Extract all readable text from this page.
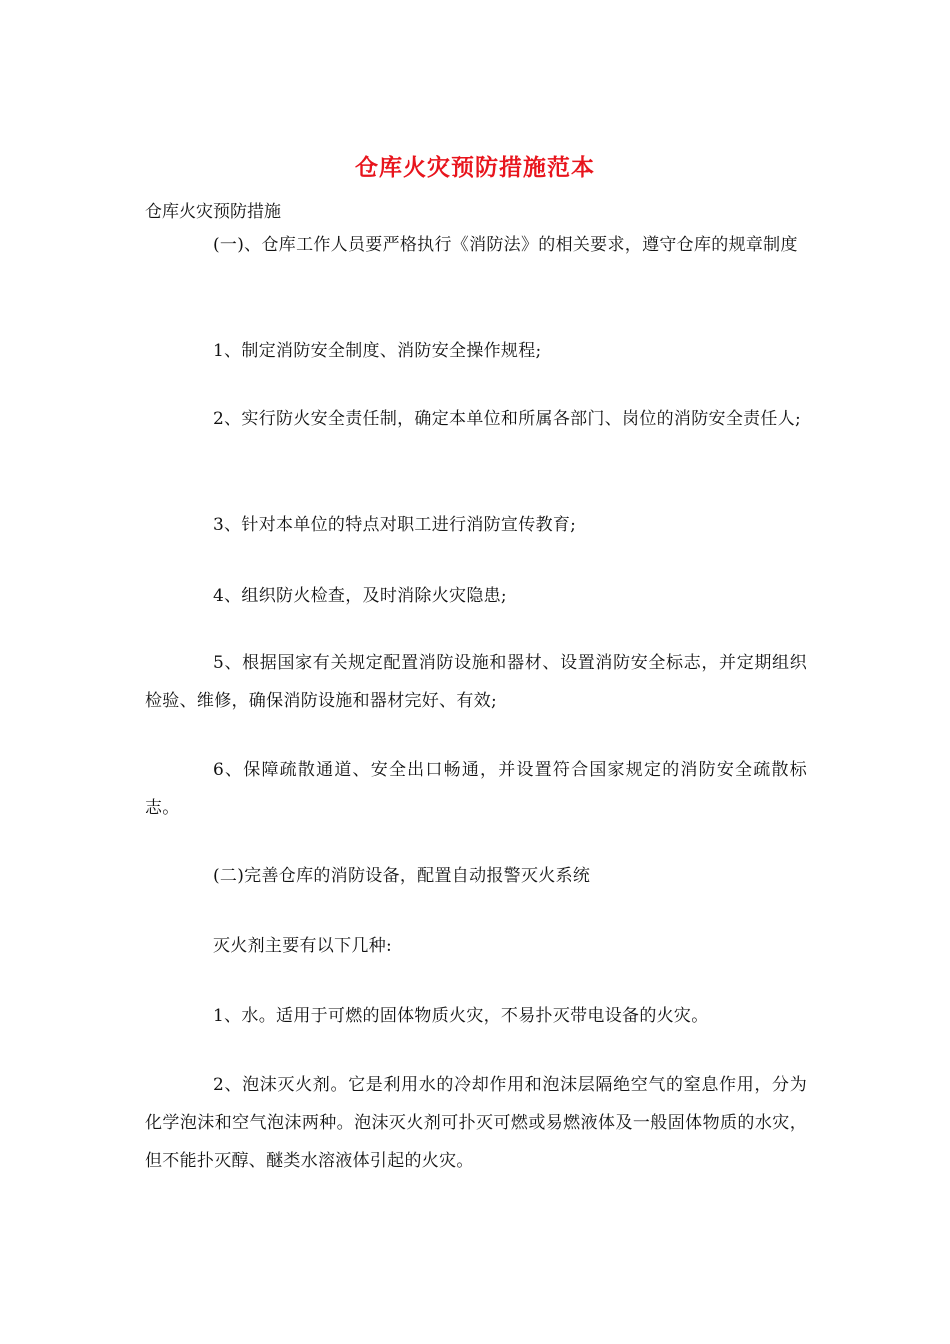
仓库火灾预防措施范本
仓库火灾预防措施
(一)、仓库工作人员要严格执行《消防法》的相关要求，遵守仓库的规章制度
1、制定消防安全制度、消防安全操作规程;
2、实行防火安全责任制，确定本单位和所属各部门、岗位的消防安全责任人;
3、针对本单位的特点对职工进行消防宣传教育;
4、组织防火检查，及时消除火灾隐患;
5、根据国家有关规定配置消防设施和器材、设置消防安全标志，并定期组织检验、维修，确保消防设施和器材完好、有效;
6、保障疏散通道、安全出口畅通，并设置符合国家规定的消防安全疏散标志。
(二)完善仓库的消防设备，配置自动报警灭火系统
灭火剂主要有以下几种:
1、水。适用于可燃的固体物质火灾，不易扑灭带电设备的火灾。
2、泡沫灭火剂。它是利用水的冷却作用和泡沫层隔绝空气的窒息作用，分为化学泡沫和空气泡沫两种。泡沫灭火剂可扑灭可燃或易燃液体及一般固体物质的水灾，但不能扑灭醇、醚类水溶液体引起的火灾。
